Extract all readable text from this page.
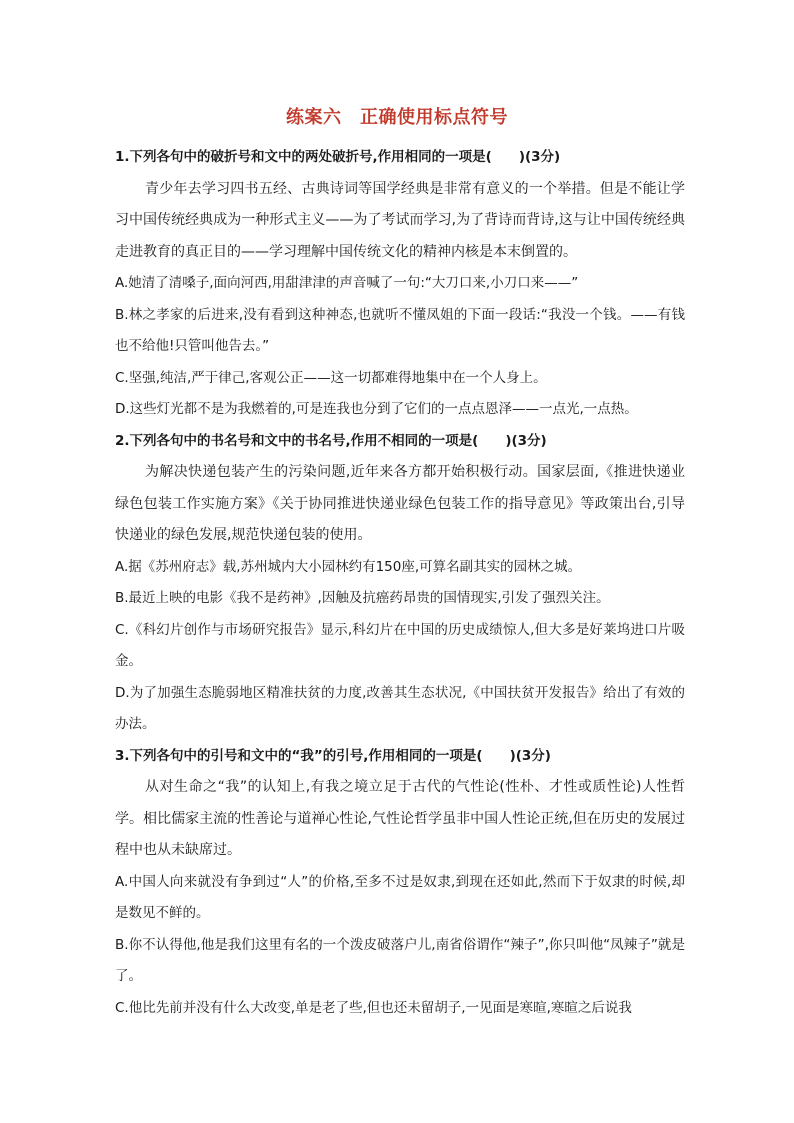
练案六　正确使用标点符号

1.下列各句中的破折号和文中的两处破折号,作用相同的一项是(　　)(3分)

青少年去学习四书五经、古典诗词等国学经典是非常有意义的一个举措。但是不能让学习中国传统经典成为一种形式主义——为了考试而学习,为了背诗而背诗,这与让中国传统经典走进教育的真正目的——学习理解中国传统文化的精神内核是本末倒置的。

A.她清了清嗓子,面向河西,用甜津津的声音喊了一句:“大刀口来,小刀口来——”

B.林之孝家的后进来,没有看到这种神态,也就听不懂凤姐的下面一段话:“我没一个钱。——有钱也不给他!只管叫他告去。”

C.坚强,纯洁,严于律己,客观公正——这一切都难得地集中在一个人身上。

D.这些灯光都不是为我燃着的,可是连我也分到了它们的一点点恩泽——一点光,一点热。

2.下列各句中的书名号和文中的书名号,作用不相同的一项是(　　)(3分)

为解决快递包装产生的污染问题,近年来各方都开始积极行动。国家层面,《推进快递业绿色包装工作实施方案》《关于协同推进快递业绿色包装工作的指导意见》等政策出台,引导快递业的绿色发展,规范快递包装的使用。

A.据《苏州府志》载,苏州城内大小园林约有150座,可算名副其实的园林之城。

B.最近上映的电影《我不是药神》,因触及抗癌药昂贵的国情现实,引发了强烈关注。

C.《科幻片创作与市场研究报告》显示,科幻片在中国的历史成绩惊人,但大多是好莱坞进口片吸金。

D.为了加强生态脆弱地区精准扶贫的力度,改善其生态状况,《中国扶贫开发报告》给出了有效的办法。

3.下列各句中的引号和文中的“我”的引号,作用相同的一项是(　　)(3分)

从对生命之“我”的认知上,有我之境立足于古代的气性论(性朴、才性或质性论)人性哲学。相比儒家主流的性善论与道禅心性论,气性论哲学虽非中国人性论正统,但在历史的发展过程中也从未缺席过。

A.中国人向来就没有争到过“人”的价格,至多不过是奴隶,到现在还如此,然而下于奴隶的时候,却是数见不鲜的。

B.你不认得他,他是我们这里有名的一个泼皮破落户儿,南省俗谓作“辣子”,你只叫他“凤辣子”就是了。

C.他比先前并没有什么大改变,单是老了些,但也还未留胡子,一见面是寒暄,寒暄之后说我
